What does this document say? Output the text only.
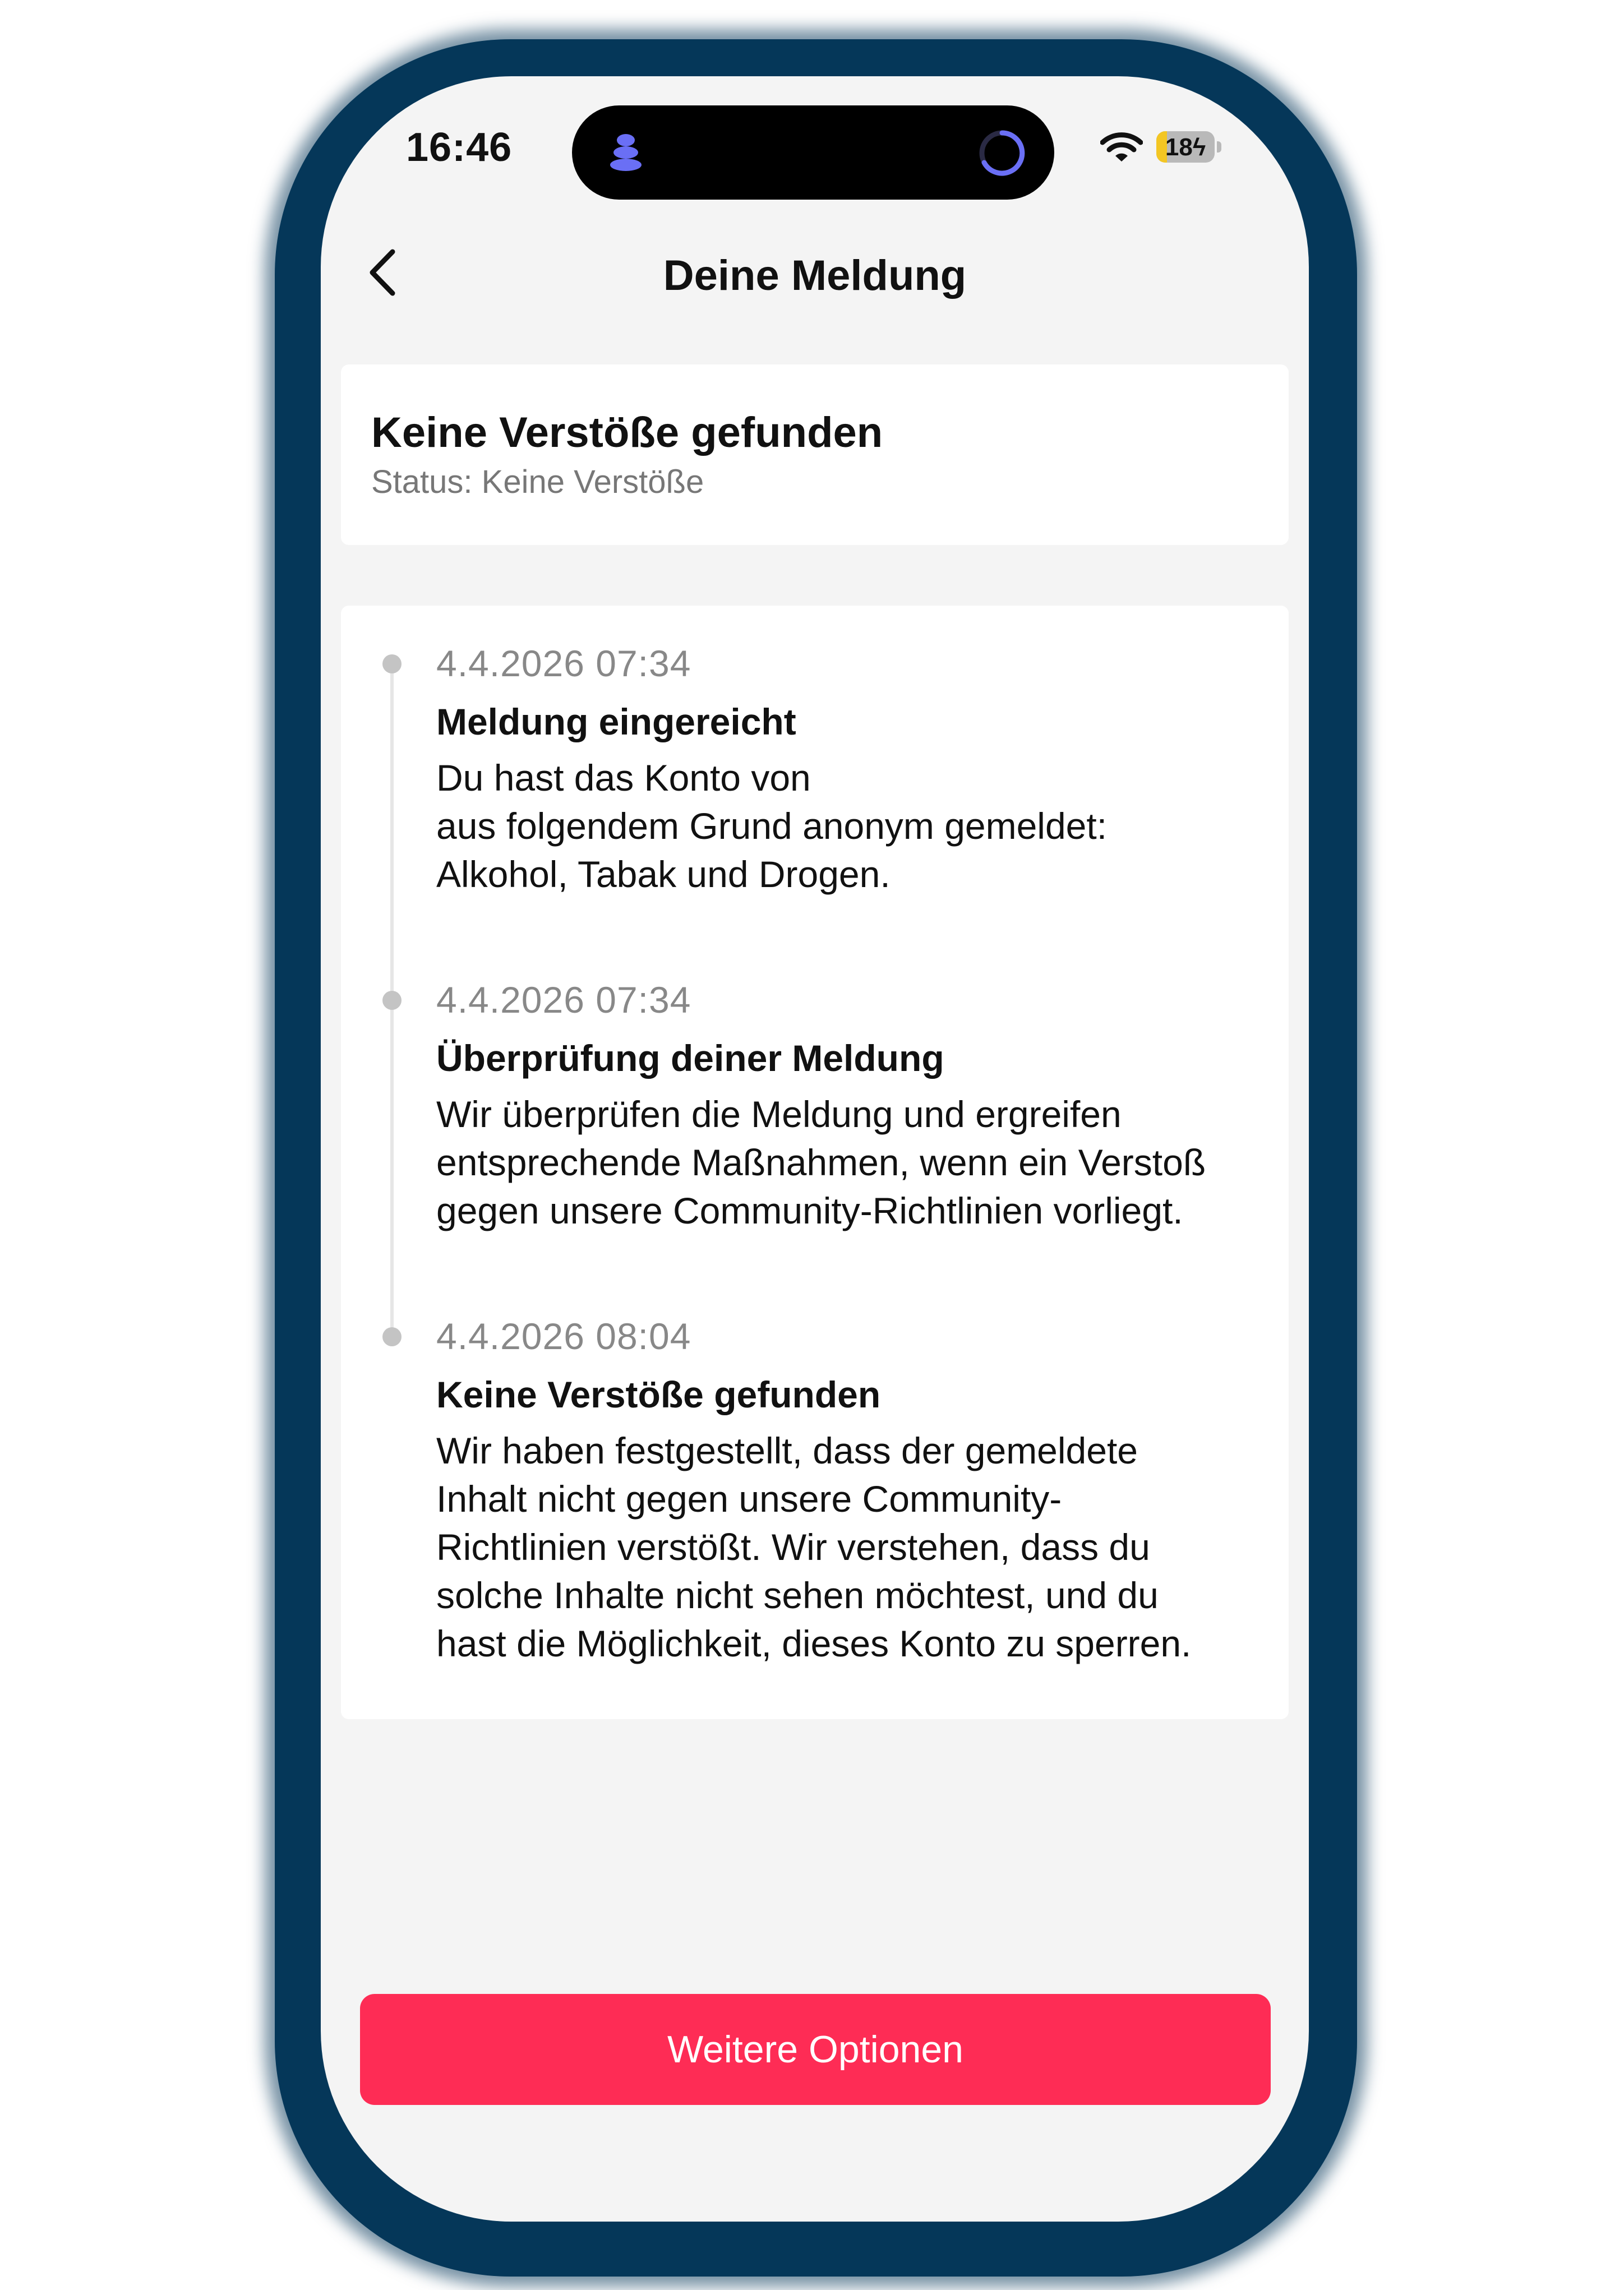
16:46	18ϟ
Deine Meldung
Keine Verstöße gefunden
Status: Keine Verstöße
4.4.2026 07:34
Meldung eingereicht
Du hast das Konto von
aus folgendem Grund anonym gemeldet:
Alkohol, Tabak und Drogen.
4.4.2026 07:34
Überprüfung deiner Meldung
Wir überprüfen die Meldung und ergreifen
entsprechende Maßnahmen, wenn ein Verstoß
gegen unsere Community-Richtlinien vorliegt.
4.4.2026 08:04
Keine Verstöße gefunden
Wir haben festgestellt, dass der gemeldete
Inhalt nicht gegen unsere Community-
Richtlinien verstößt. Wir verstehen, dass du
solche Inhalte nicht sehen möchtest, und du
hast die Möglichkeit, dieses Konto zu sperren.
Weitere Optionen
